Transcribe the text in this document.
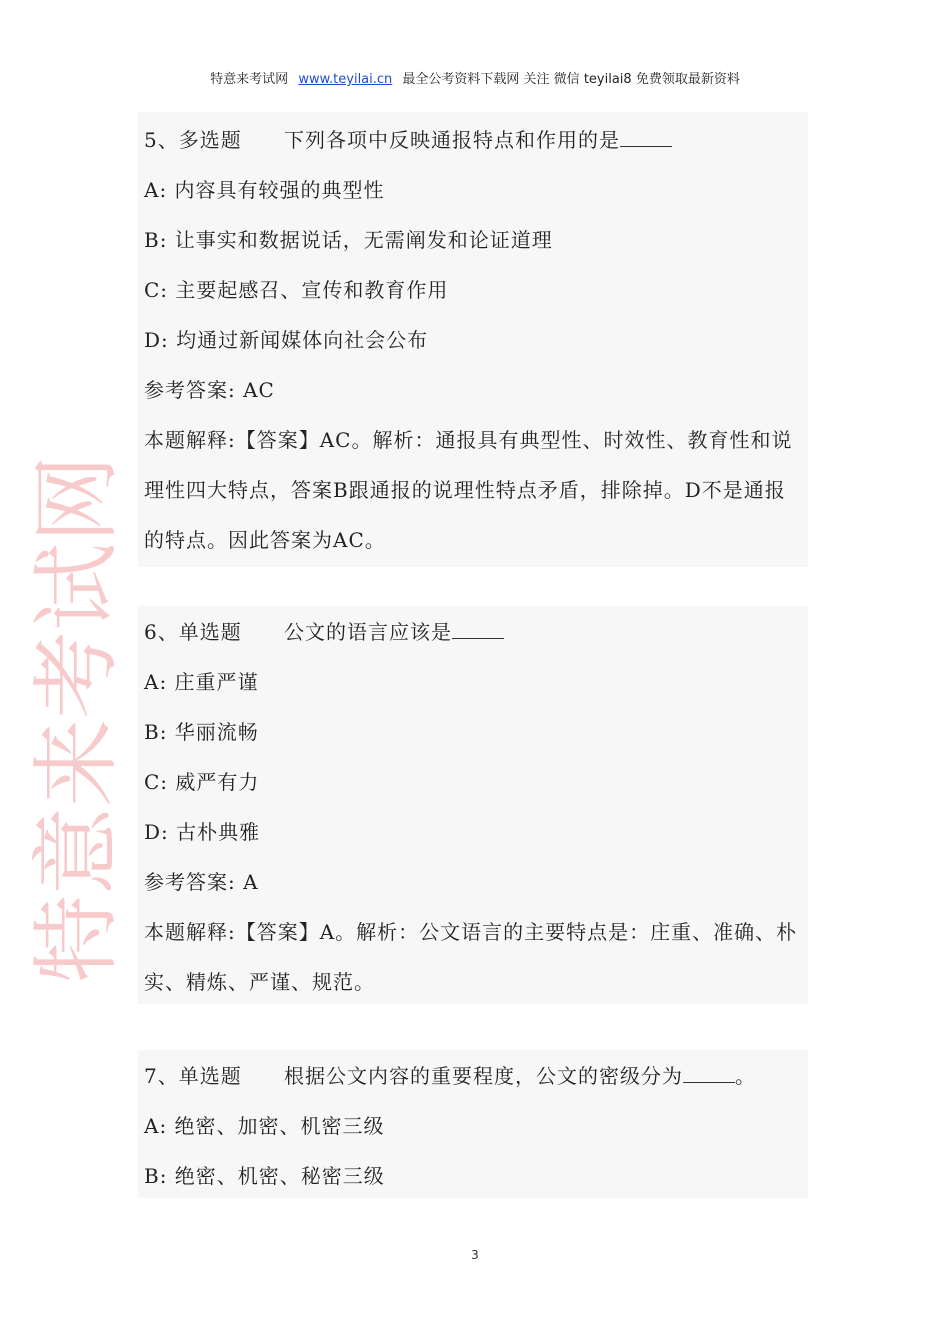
特意来考试网 www.teyilai.cn 最全公考资料下载网 关注 微信 teyilai8 免费领取最新资料
网
试
考
来
意
特
5、多选题 下列各项中反映通报特点和作用的是
A: 内容具有较强的典型性
B: 让事实和数据说话，无需阐发和论证道理
C: 主要起感召、宣传和教育作用
D: 均通过新闻媒体向社会公布
参考答案: AC
本题解释:【答案】AC。解析：通报具有典型性、时效性、教育性和说
理性四大特点，答案B跟通报的说理性特点矛盾，排除掉。D不是通报
的特点。因此答案为AC。
6、单选题 公文的语言应该是
A: 庄重严谨
B: 华丽流畅
C: 威严有力
D: 古朴典雅
参考答案: A
本题解释:【答案】A。解析：公文语言的主要特点是：庄重、准确、朴
实、精炼、严谨、规范。
7、单选题 根据公文内容的重要程度，公文的密级分为	。
A: 绝密、加密、机密三级
B: 绝密、机密、秘密三级
3
